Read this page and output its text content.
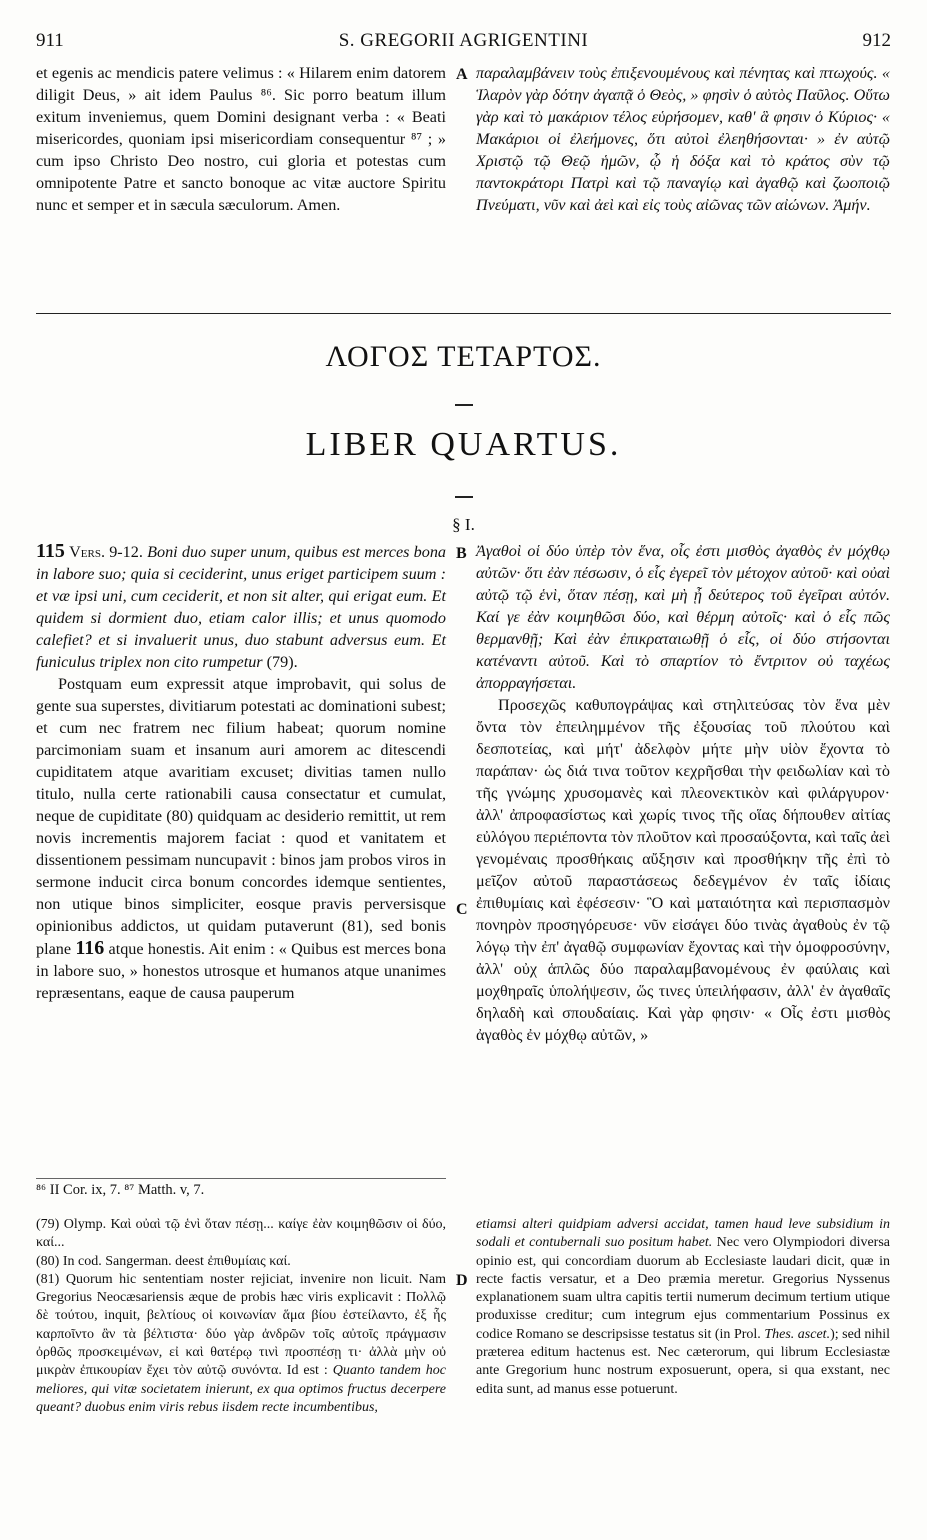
911	S. GREGORII AGRIGENTINI	912

et egenis ac mendicis patere velimus : « Hilarem enim datorem diligit Deus, » ait idem Paulus ⁸⁶. Sic porro beatum illum exitum inveniemus, quem Domini designant verba : « Beati misericordes, quoniam ipsi misericordiam consequentur ⁸⁷ ; » cum ipso Christo Deo nostro, cui gloria et potestas cum omnipotente Patre et sancto bonoque ac vitæ auctore Spiritu nunc et semper et in sæcula sæculorum. Amen.

A παραλαμβάνειν τοὺς ἐπιξενουμένους καὶ πένητας καὶ πτωχούς. « Ἱλαρὸν γὰρ δότην ἀγαπᾷ ὁ Θεὸς, » φησὶν ὁ αὐτὸς Παῦλος. Οὕτω γὰρ καὶ τὸ μακάριον τέλος εὑρήσομεν, καθ' ἃ φησιν ὁ Κύριος· « Μακάριοι οἱ ἐλεήμονες, ὅτι αὐτοὶ ἐλεηθήσονται· » ἐν αὐτῷ Χριστῷ τῷ Θεῷ ἡμῶν, ᾧ ἡ δόξα καὶ τὸ κράτος σὺν τῷ παντοκράτορι Πατρὶ καὶ τῷ παναγίῳ καὶ ἀγαθῷ καὶ ζωοποιῷ Πνεύματι, νῦν καὶ ἀεὶ καὶ εἰς τοὺς αἰῶνας τῶν αἰώνων. Ἀμήν.

ΛΟΓΟΣ ΤΕΤΑΡΤΟΣ.
LIBER QUARTUS.
§ I.

115 Vers. 9-12. Boni duo super unum, quibus est merces bona in labore suo; quia si ceciderint, unus eriget participem suum : et væ ipsi uni, cum ceciderit, et non sit alter, qui erigat eum. Et quidem si dormient duo, etiam calor illis; et unus quomodo calefiet? et si invaluerit unus, duo stabunt adversus eum. Et funiculus triplex non cito rumpetur (79).

Postquam eum expressit atque improbavit, qui solus de gente sua superstes, divitiarum potestati ac dominationi subest; et cum nec fratrem nec filium habeat; quorum nomine parcimoniam suam et insanum auri amorem ac ditescendi cupiditatem atque avaritiam excuset; divitias tamen nullo titulo, nulla certe rationabili causa consectatur et cumulat, neque de cupiditate (80) quidquam ac desiderio remittit, ut rem novis incrementis majorem faciat : quod et vanitatem et dissentionem pessimam nuncupavit : binos jam probos viros in sermone inducit circa bonum concordes idemque sentientes, non utique binos simpliciter, eosque pravis perversisque opinionibus addictos, ut quidam putaverunt (81), sed bonis plane 116 atque honestis. Ait enim : « Quibus est merces bona in labore suo, » honestos utrosque et humanos atque unanimes repræsentans, eaque de causa pauperum

B
C

Ἀγαθοὶ οἱ δύο ὑπὲρ τὸν ἕνα, οἷς ἐστι μισθὸς ἀγαθὸς ἐν μόχθῳ αὐτῶν· ὅτι ἐὰν πέσωσιν, ὁ εἷς ἐγερεῖ τὸν μέτοχον αὐτοῦ· καὶ οὐαὶ αὐτῷ τῷ ἑνὶ, ὅταν πέσῃ, καὶ μὴ ᾖ δεύτερος τοῦ ἐγεῖραι αὐτόν. Καί γε ἐὰν κοιμηθῶσι δύο, καὶ θέρμη αὐτοῖς· καὶ ὁ εἷς πῶς θερμανθῇ; Καὶ ἐὰν ἐπικραταιωθῇ ὁ εἷς, οἱ δύο στήσονται κατέναντι αὐτοῦ. Καὶ τὸ σπαρτίον τὸ ἔντριτον οὐ ταχέως ἀπορραγήσεται.

Προσεχῶς καθυπογράψας καὶ στηλιτεύσας τὸν ἕνα μὲν ὄντα τὸν ἐπειλημμένον τῆς ἐξουσίας τοῦ πλούτου καὶ δεσποτείας, καὶ μήτ' ἀδελφὸν μήτε μὴν υἱὸν ἔχοντα τὸ παράπαν· ὡς διά τινα τοῦτον κεχρῆσθαι τὴν φειδωλίαν καὶ τὸ τῆς γνώμης χρυσομανὲς καὶ πλεονεκτικὸν καὶ φιλάργυρον· ἀλλ' ἀπροφασίστως καὶ χωρίς τινος τῆς οἵας δήπουθεν αἰτίας εὐλόγου περιέποντα τὸν πλοῦτον καὶ προσαύξοντα, καὶ ταῖς ἀεὶ γενομέναις προσθήκαις αὔξησιν καὶ προσθήκην τῆς ἐπὶ τὸ μεῖζον αὐτοῦ παραστάσεως δεδεγμένον ἐν ταῖς ἰδίαις ἐπιθυμίαις καὶ ἐφέσεσιν· Ὃ καὶ ματαιότητα καὶ περισπασμὸν πονηρὸν προσηγόρευσε· νῦν εἰσάγει δύο τινὰς ἀγαθοὺς ἐν τῷ λόγῳ τὴν ἐπ' ἀγαθῷ συμφωνίαν ἔχοντας καὶ τὴν ὁμοφροσύνην, ἀλλ' οὐχ ἁπλῶς δύο παραλαμβανομένους ἐν φαύλαις καὶ μοχθηραῖς ὑπολήψεσιν, ὥς τινες ὑπειλήφασιν, ἀλλ' ἐν ἀγαθαῖς δηλαδὴ καὶ σπουδαίαις. Καὶ γὰρ φησιν· « Οἷς ἐστι μισθὸς ἀγαθὸς ἐν μόχθῳ αὐτῶν, »

⁸⁶ II Cor. ix, 7. ⁸⁷ Matth. v, 7.

(79) Olymp. Καὶ οὐαὶ τῷ ἑνὶ ὅταν πέσῃ... καίγε ἐὰν κοιμηθῶσιν οἱ δύο, καί...

(80) In cod. Sangerman. deest ἐπιθυμίαις καί.

(81) Quorum hic sententiam noster rejiciat, invenire non licuit. Nam Gregorius Neocæsariensis æque de probis hæc viris explicavit : Πολλῷ δὲ τούτου, inquit, βελτίους οἱ κοινωνίαν ἅμα βίου ἐστείλαντο, ἐξ ἧς καρποῖντο ἂν τὰ βέλτιστα· δύο γὰρ ἀνδρῶν τοῖς αὐτοῖς πράγμασιν ὀρθῶς προσκειμένων, εἰ καὶ θατέρῳ τινὶ προσπέσῃ τι· ἀλλὰ μὴν οὐ μικρὰν ἐπικουρίαν ἔχει τὸν αὐτῷ συνόντα. Id est : Quanto tandem hoc meliores, qui vitæ societatem inierunt, ex qua optimos fructus decerpere queant? duobus enim viris rebus iisdem recte incumbentibus,

D

etiamsi alteri quidpiam adversi accidat, tamen haud leve subsidium in sodali et contubernali suo positum habet. Nec vero Olympiodori diversa opinio est, qui concordiam duorum ab Ecclesiaste laudari dicit, quæ in recte factis versatur, et a Deo præmia meretur. Gregorius Nyssenus explanationem suam ultra capitis tertii numerum decimum tertium utique produxisse creditur; cum integrum ejus commentarium Possinus ex codice Romano se descripsisse testatus sit (in Prol. Thes. ascet.); sed nihil præterea editum hactenus est. Nec cæterorum, qui librum Ecclesiastæ ante Gregorium hunc nostrum exposuerunt, opera, si qua exstant, nec edita sunt, ad manus esse potuerunt.
